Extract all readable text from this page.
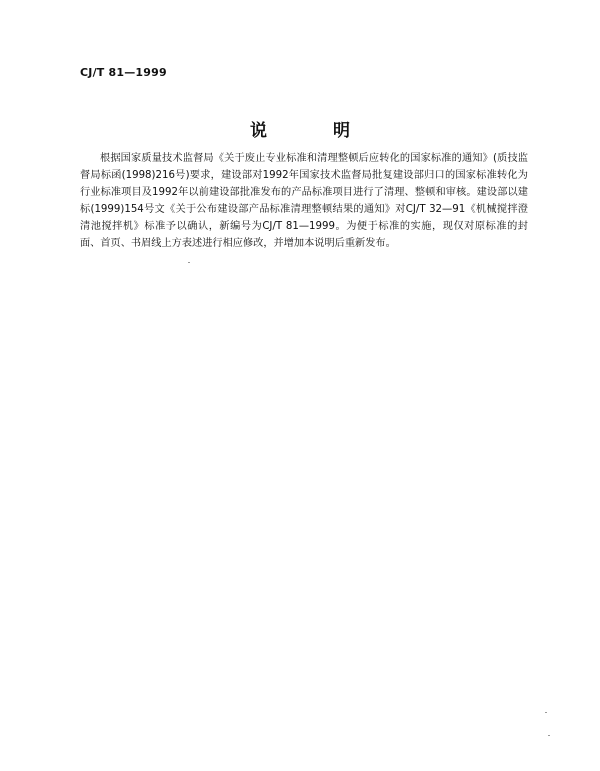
CJ/T 81—1999
说 明

根据国家质量技术监督局《关于废止专业标准和清理整顿后应转化的国家标准的通知》(质技监督局标函(1998)216号)要求，建设部对1992年国家技术监督局批复建设部归口的国家标准转化为行业标准项目及1992年以前建设部批准发布的产品标准项目进行了清理、整顿和审核。建设部以建标(1999)154号文《关于公布建设部产品标准清理整顿结果的通知》对CJ/T 32—91《机械搅拌澄清池搅拌机》标准予以确认，新编号为CJ/T 81—1999。为便于标准的实施，现仅对原标准的封面、首页、书眉线上方表述进行相应修改，并增加本说明后重新发布。
